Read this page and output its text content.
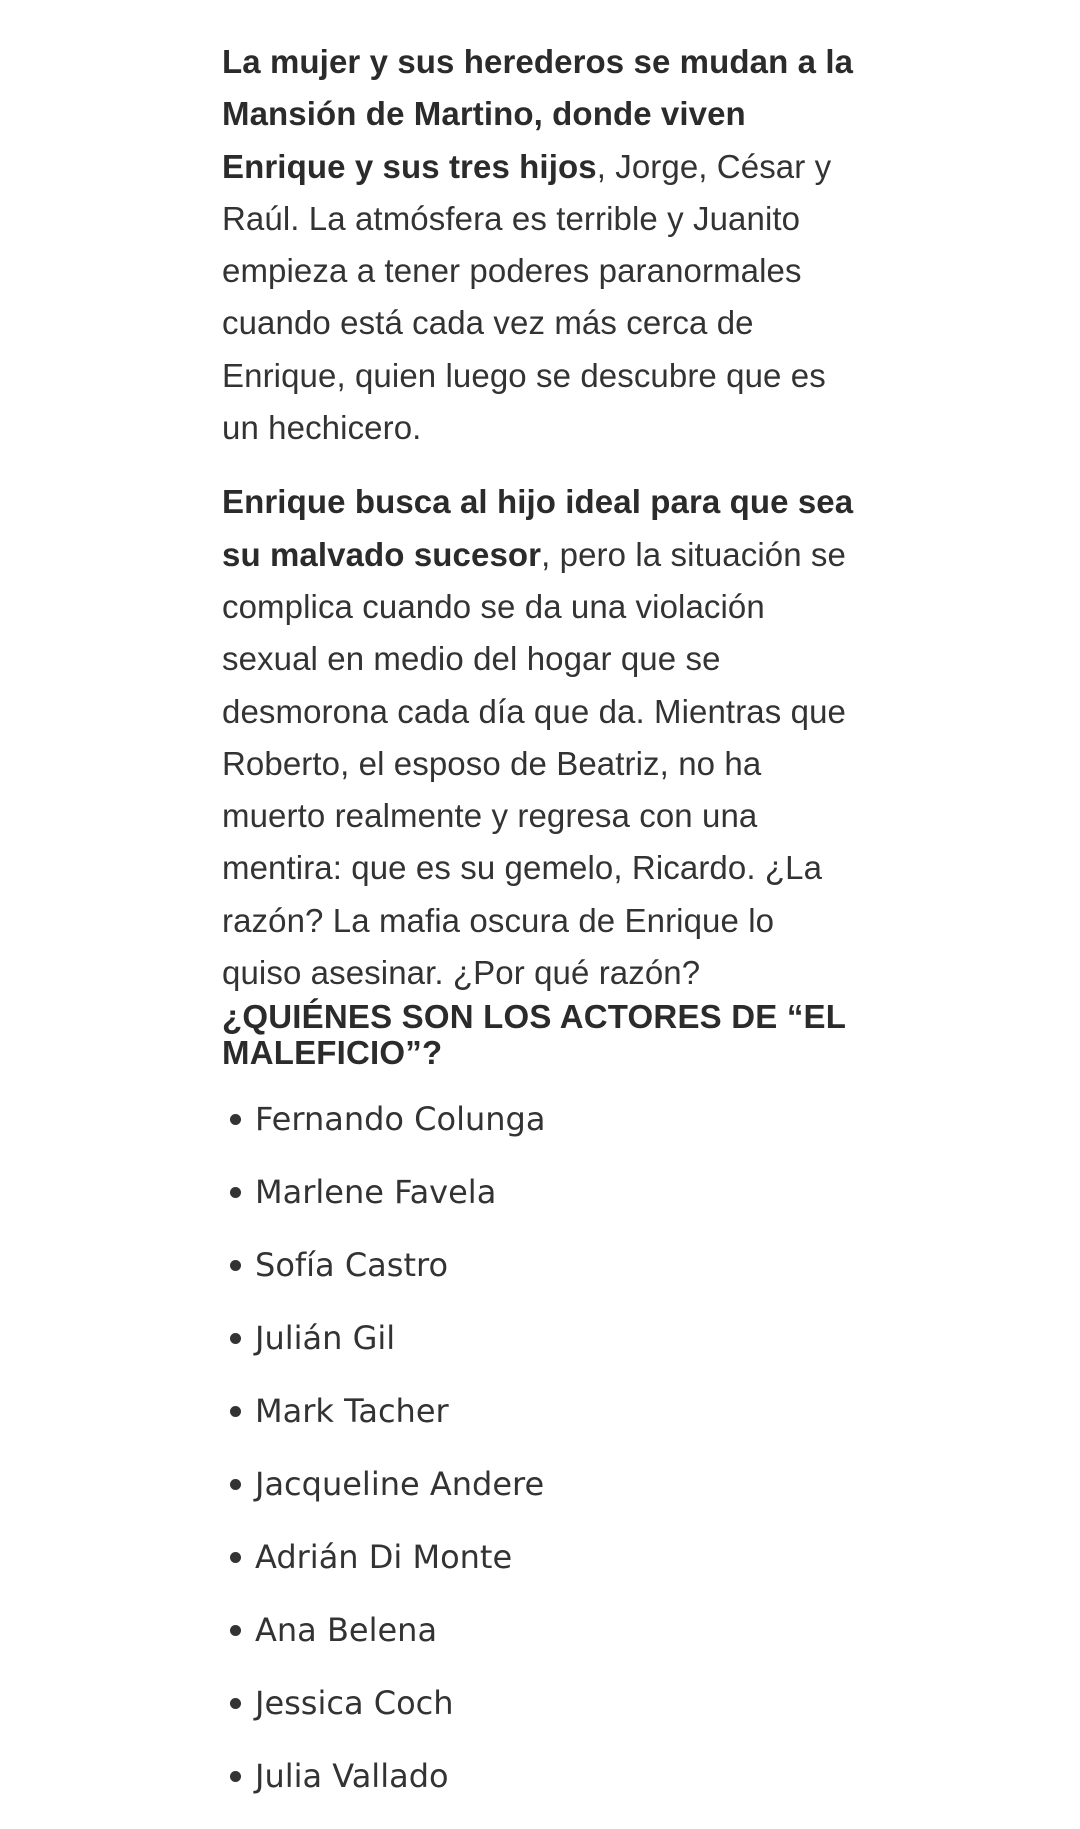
La mujer y sus herederos se mudan a la Mansión de Martino, donde viven Enrique y sus tres hijos, Jorge, César y Raúl. La atmósfera es terrible y Juanito empieza a tener poderes paranormales cuando está cada vez más cerca de Enrique, quien luego se descubre que es un hechicero.

Enrique busca al hijo ideal para que sea su malvado sucesor, pero la situación se complica cuando se da una violación sexual en medio del hogar que se desmorona cada día que da. Mientras que Roberto, el esposo de Beatriz, no ha muerto realmente y regresa con una mentira: que es su gemelo, Ricardo. ¿La razón? La mafia oscura de Enrique lo quiso asesinar. ¿Por qué razón?

¿QUIÉNES SON LOS ACTORES DE “EL MALEFICIO”?
Fernando Colunga
Marlene Favela
Sofía Castro
Julián Gil
Mark Tacher
Jacqueline Andere
Adrián Di Monte
Ana Belena
Jessica Coch
Julia Vallado
